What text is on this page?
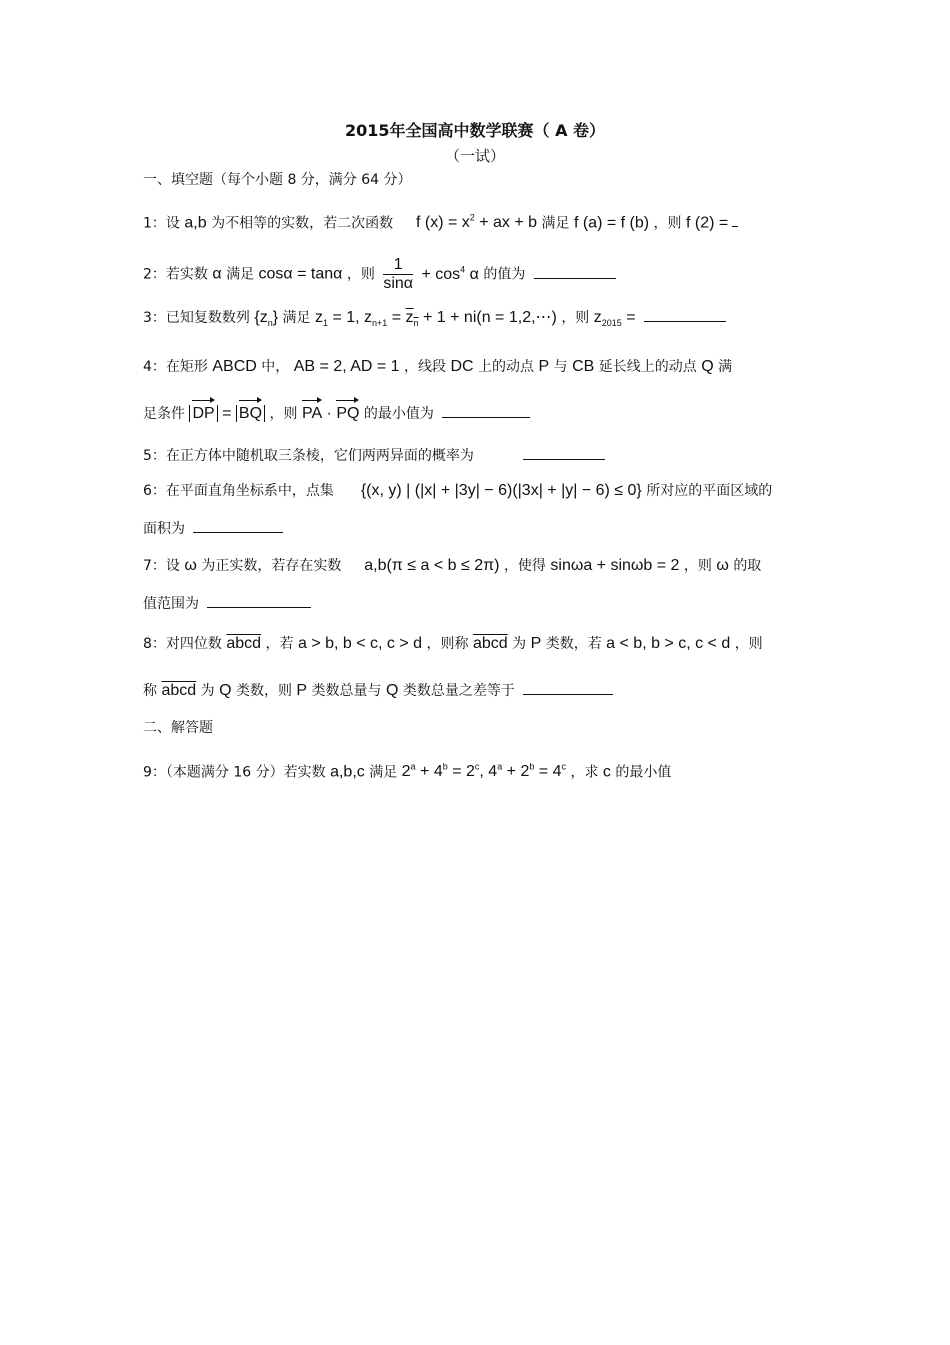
2015年全国高中数学联赛（ A 卷）
（一试）
一、填空题（每个小题 8 分，满分 64 分）
1：设 a,b 为不相等的实数，若二次函数 f $(x) = x^2$ + ax + b 满足 f (a) = f (b) ，则 f (2) =
2：若实数 α 满足 cosα = tanα ，则 $\frac{1}{\sin\alpha} + \cos^4 \alpha$ 的值为
3：已知复数数列 $\{z_n\}$ 满足 $z_1 = 1$, $z_{n+1} = z_n + 1 + ni(n$ = 1,2,⋯) ，则 $z_{2015}$ =
4：在矩形 ABCD 中， AB = 2, AD = 1 ，线段 DC 上的动点 P 与 CB 延长线上的动点 Q 满
足条件 DP = BQ ，则 PA · PQ 的最小值为
5：在正方体中随机取三条棱，它们两两异面的概率为
6：在平面直角坐标系中，点集 {(x, y) | (|x| + |3y| − 6)(|3x| + |y| − 6) ≤ 0} 所对应的平面区域的
面积为
7：设 ω 为正实数，若存在实数 a,b(π ≤ a < b ≤ 2π) ，使得 sinωa + sinωb = 2 ，则 ω 的取
值范围为
8：对四位数 abcd ，若 a > b, b < c, c > d ，则称 abcd 为 P 类数，若 a < b, b > c, c < d ，则
称 abcd 为 Q 类数，则 P 类数总量与 Q 类数总量之差等于
二、解答题
9：（本题满分 16 分）若实数 a,b,c 满足 $2^a + 4^b = 2^c$, $4^a + 2^b = 4^c$ ，求 c 的最小值
